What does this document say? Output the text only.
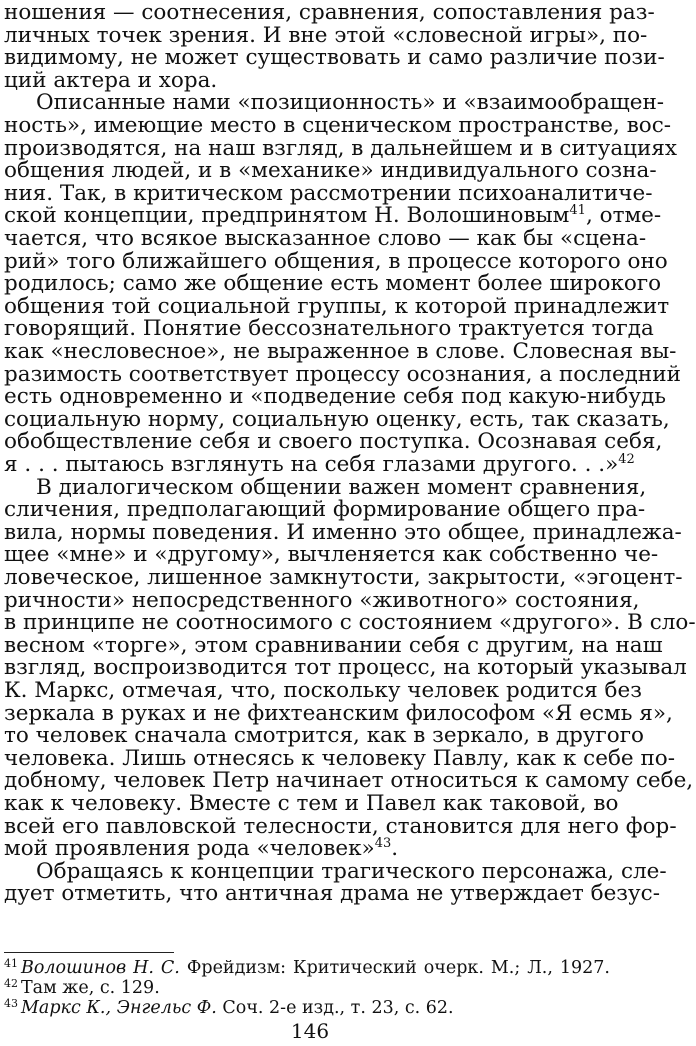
ношения — соотнесения, сравнения, сопоставления раз-
личных точек зрения. И вне этой «словесной игры», по-
видимому, не может существовать и само различие пози-
ций актера и хора.
Описанные нами «позиционность» и «взаимообращен-
ность», имеющие место в сценическом пространстве, вос-
производятся, на наш взгляд, в дальнейшем и в ситуациях
общения людей, и в «механике» индивидуального созна-
ния. Так, в критическом рассмотрении психоаналитиче-
ской концепции, предпринятом Н. Волошиновым$^{41}$, отме-
чается, что всякое высказанное слово — как бы «сцена-
рий» того ближайшего общения, в процессе которого оно
родилось; само же общение есть момент более широкого
общения той социальной группы, к которой принадлежит
говорящий. Понятие бессознательного трактуется тогда
как «несловесное», не выраженное в слове. Словесная вы-
разимость соответствует процессу осознания, а последний
есть одновременно и «подведение себя под какую-нибудь
социальную норму, социальную оценку, есть, так сказать,
обобществление себя и своего поступка. Осознавая себя,
я . . . пытаюсь взглянуть на себя глазами другого. . .»$^{42}$
В диалогическом общении важен момент сравнения,
сличения, предполагающий формирование общего пра-
вила, нормы поведения. И именно это общее, принадлежа-
щее «мне» и «другому», вычленяется как собственно че-
ловеческое, лишенное замкнутости, закрытости, «эгоцент-
ричности» непосредственного «животного» состояния,
в принципе не соотносимого с состоянием «другого». В сло-
весном «торге», этом сравнивании себя с другим, на наш
взгляд, воспроизводится тот процесс, на который указывал
К. Маркс, отмечая, что, поскольку человек родится без
зеркала в руках и не фихтеанским философом «Я есмь я»,
то человек сначала смотрится, как в зеркало, в другого
человека. Лишь отнесясь к человеку Павлу, как к себе по-
добному, человек Петр начинает относиться к самому себе,
как к человеку. Вместе с тем и Павел как таковой, во
всей его павловской телесности, становится для него фор-
мой проявления рода «человек»$^{43}$.
Обращаясь к концепции трагического персонажа, сле-
дует отметить, что античная драма не утверждает безус-
$^{41}$ Волошинов Н. С. Фрейдизм: Критический очерк. М.; Л., 1927.
$^{42}$ Там же, с. 129.
$^{43}$ Маркс К., Энгельс Ф. Соч. 2-е изд., т. 23, с. 62.
146
